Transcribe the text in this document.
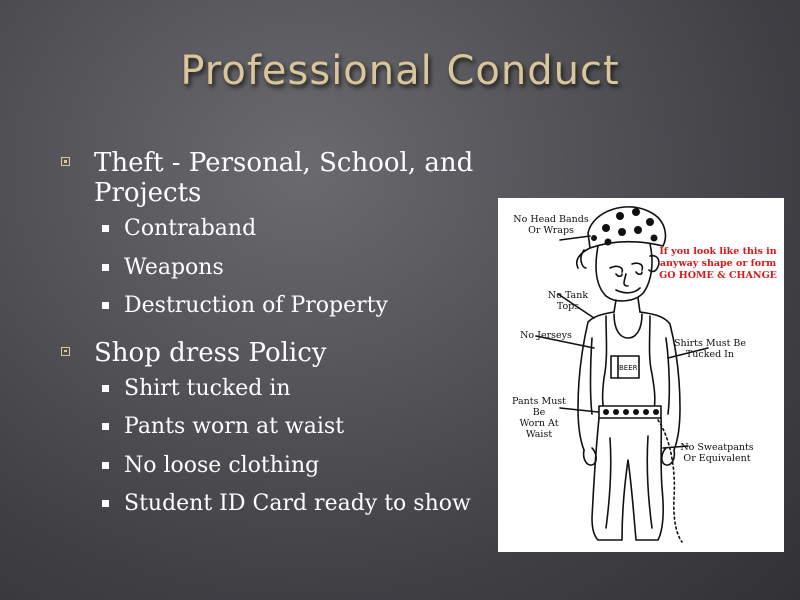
Professional Conduct
Theft - Personal, School, and Projects
Contraband
Weapons
Destruction of Property
Shop dress Policy
Shirt tucked in
Pants worn at waist
No loose clothing
Student ID Card ready to show
BEER
No Head Bands
Or Wraps
If you look like this in
anyway shape or form
GO HOME & CHANGE
No Tank Tops
No Jerseys
Shirts Must Be
Tucked In
Pants Must Be
Worn At Waist
No Sweatpants
Or Equivalent
